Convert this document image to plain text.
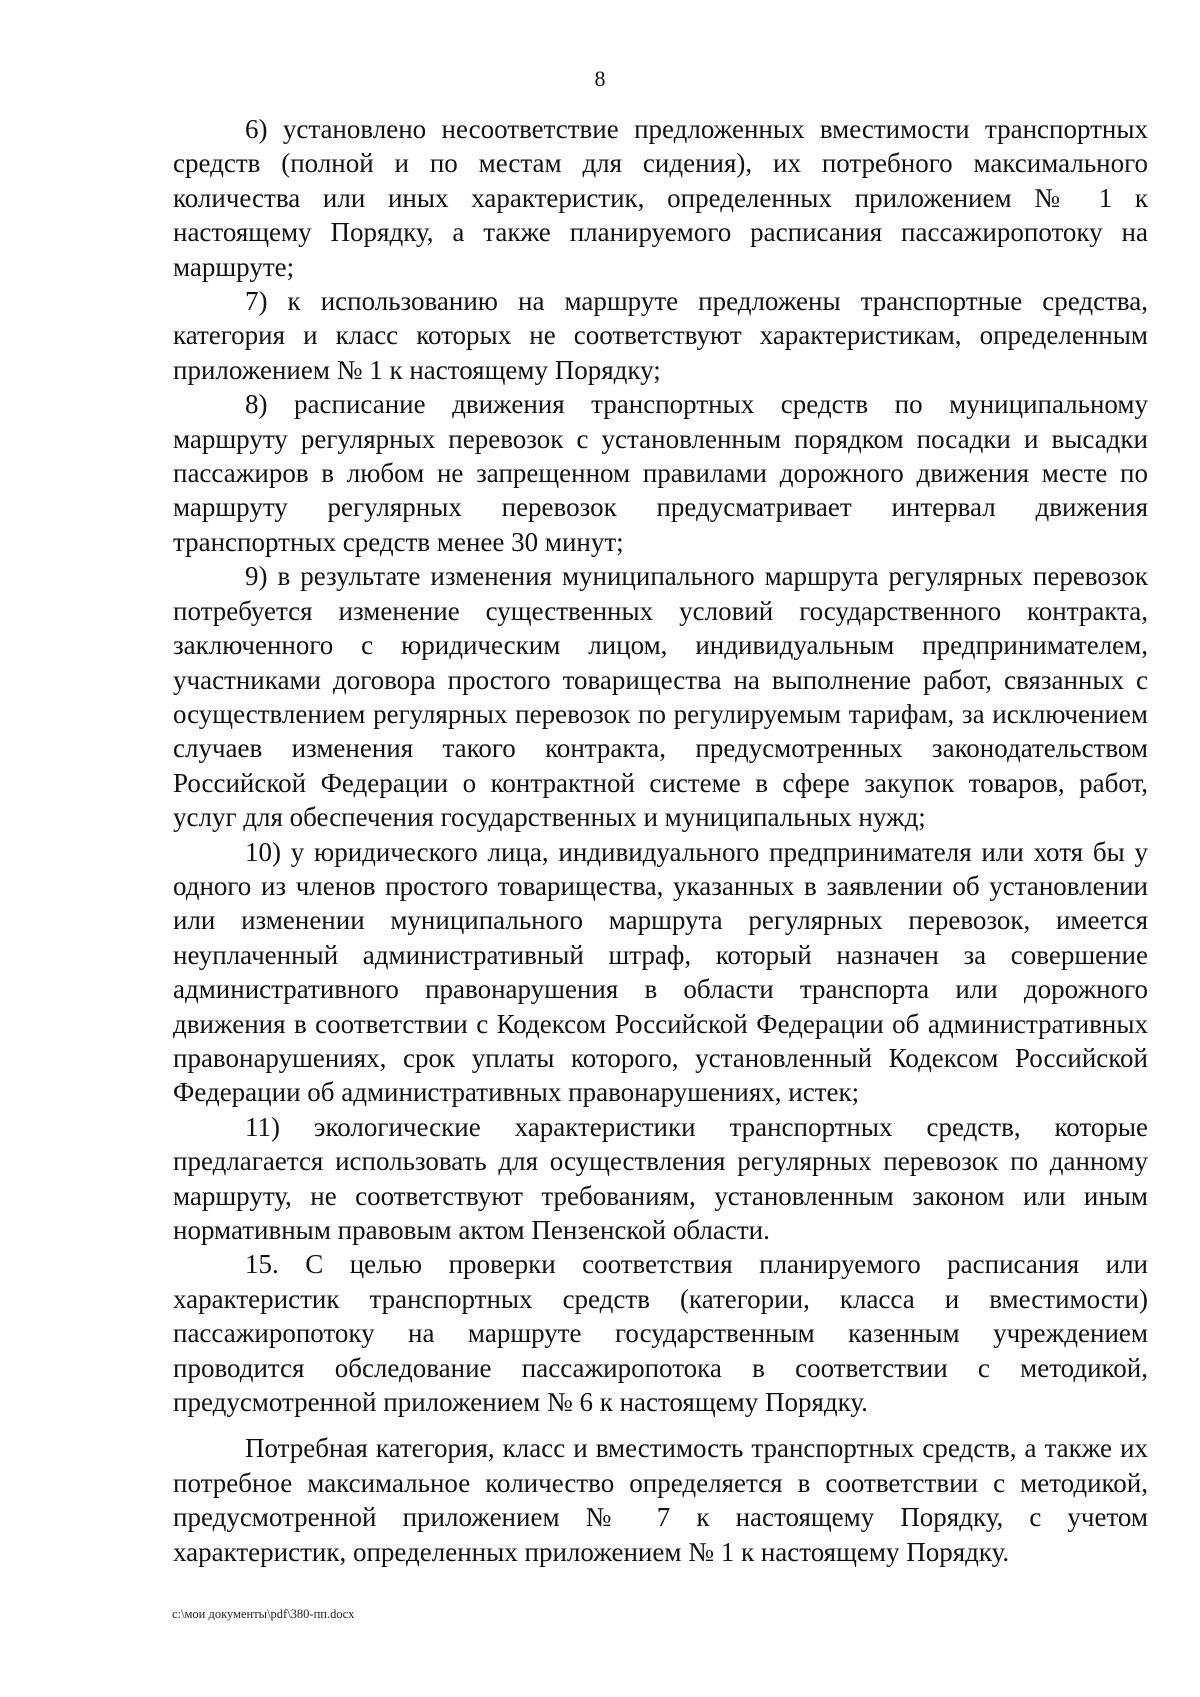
8

6) установлено несоответствие предложенных вместимости транспортных средств (полной и по местам для сидения), их потребного максимального количества или иных характеристик, определенных приложением № 1 к настоящему Порядку, а также планируемого расписания пассажиропотоку на маршруте;

7) к использованию на маршруте предложены транспортные средства, категория и класс которых не соответствуют характеристикам, определенным приложением № 1 к настоящему Порядку;

8) расписание движения транспортных средств по муниципальному маршруту регулярных перевозок с установленным порядком посадки и высадки пассажиров в любом не запрещенном правилами дорожного движения месте по маршруту регулярных перевозок предусматривает интервал движения транспортных средств менее 30 минут;

9) в результате изменения муниципального маршрута регулярных перевозок потребуется изменение существенных условий государственного контракта, заключенного с юридическим лицом, индивидуальным предпринимателем, участниками договора простого товарищества на выполнение работ, связанных с осуществлением регулярных перевозок по регулируемым тарифам, за исключением случаев изменения такого контракта, предусмотренных законодательством Российской Федерации о контрактной системе в сфере закупок товаров, работ, услуг для обеспечения государственных и муниципальных нужд;

10) у юридического лица, индивидуального предпринимателя или хотя бы у одного из членов простого товарищества, указанных в заявлении об установлении или изменении муниципального маршрута регулярных перевозок, имеется неуплаченный административный штраф, который назначен за совершение административного правонарушения в области транспорта или дорожного движения в соответствии с Кодексом Российской Федерации об административных правонарушениях, срок уплаты которого, установленный Кодексом Российской Федерации об административных правонарушениях, истек;

11) экологические характеристики транспортных средств, которые предлагается использовать для осуществления регулярных перевозок по данному маршруту, не соответствуют требованиям, установленным законом или иным нормативным правовым актом Пензенской области.

15. С целью проверки соответствия планируемого расписания или характеристик транспортных средств (категории, класса и вместимости) пассажиропотоку на маршруте государственным казенным учреждением проводится обследование пассажиропотока в соответствии с методикой, предусмотренной приложением № 6 к настоящему Порядку.

Потребная категория, класс и вместимость транспортных средств, а также их потребное максимальное количество определяется в соответствии с методикой, предусмотренной приложением № 7 к настоящему Порядку, с учетом характеристик, определенных приложением № 1 к настоящему Порядку.

c:\мои документы\pdf\380-пп.docx
